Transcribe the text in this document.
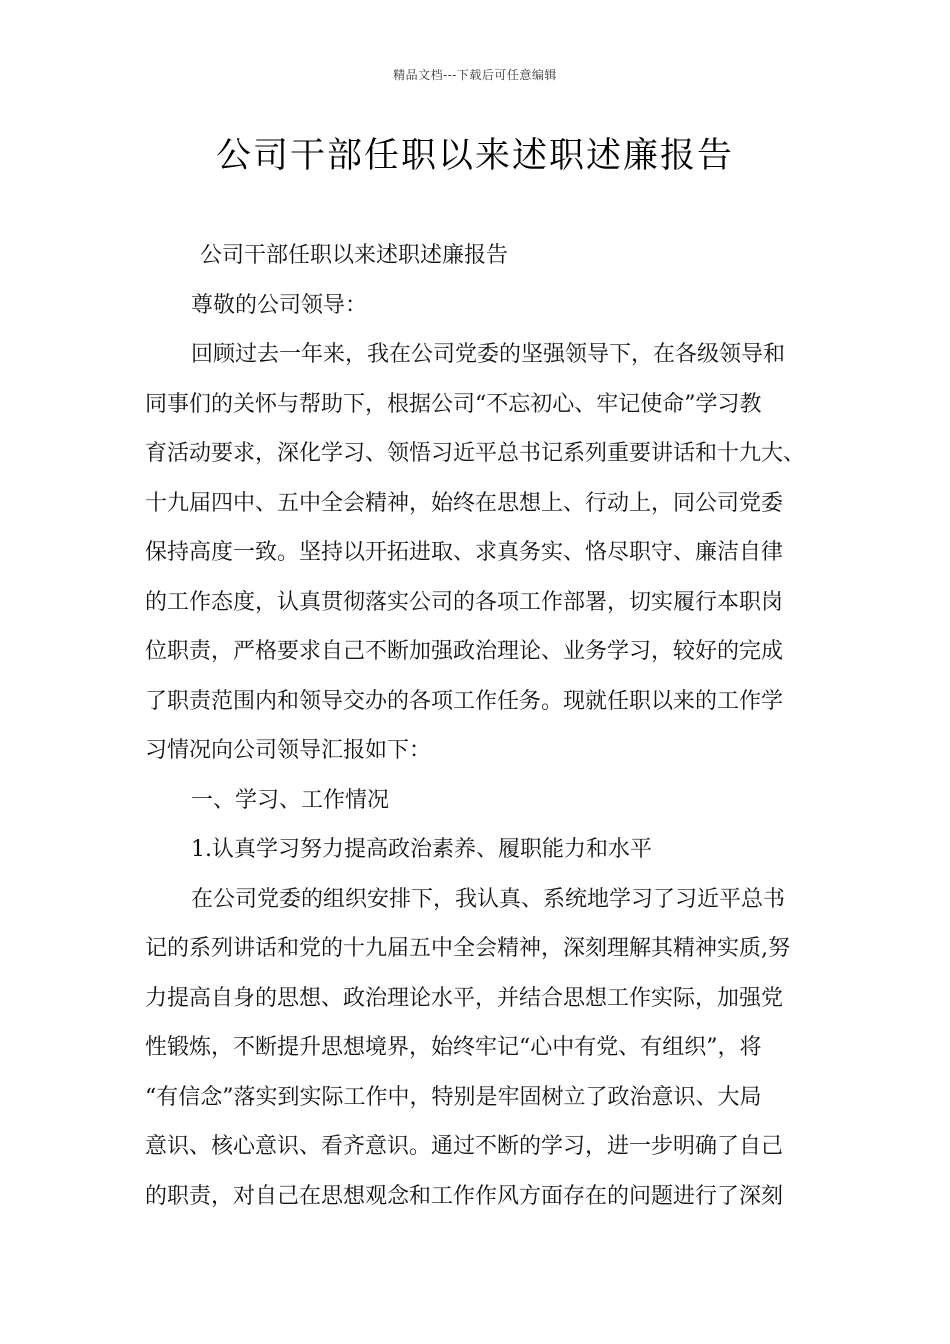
精品文档---下载后可任意编辑
公司干部任职以来述职述廉报告

公司干部任职以来述职述廉报告

尊敬的公司领导：

回顾过去一年来，我在公司党委的坚强领导下，在各级领导和

同事们的关怀与帮助下，根据公司“不忘初心、牢记使命”学习教

育活动要求，深化学习、领悟习近平总书记系列重要讲话和十九大、

十九届四中、五中全会精神，始终在思想上、行动上，同公司党委

保持高度一致。坚持以开拓进取、求真务实、恪尽职守、廉洁自律

的工作态度，认真贯彻落实公司的各项工作部署，切实履行本职岗

位职责，严格要求自己不断加强政治理论、业务学习，较好的完成

了职责范围内和领导交办的各项工作任务。现就任职以来的工作学

习情况向公司领导汇报如下：

一、学习、工作情况

1.认真学习努力提高政治素养、履职能力和水平

在公司党委的组织安排下，我认真、系统地学习了习近平总书

记的系列讲话和党的十九届五中全会精神，深刻理解其精神实质,努

力提高自身的思想、政治理论水平，并结合思想工作实际，加强党

性锻炼，不断提升思想境界，始终牢记“心中有党、有组织”，将

“有信念”落实到实际工作中，特别是牢固树立了政治意识、大局

意识、核心意识、看齐意识。通过不断的学习，进一步明确了自己

的职责，对自己在思想观念和工作作风方面存在的问题进行了深刻
